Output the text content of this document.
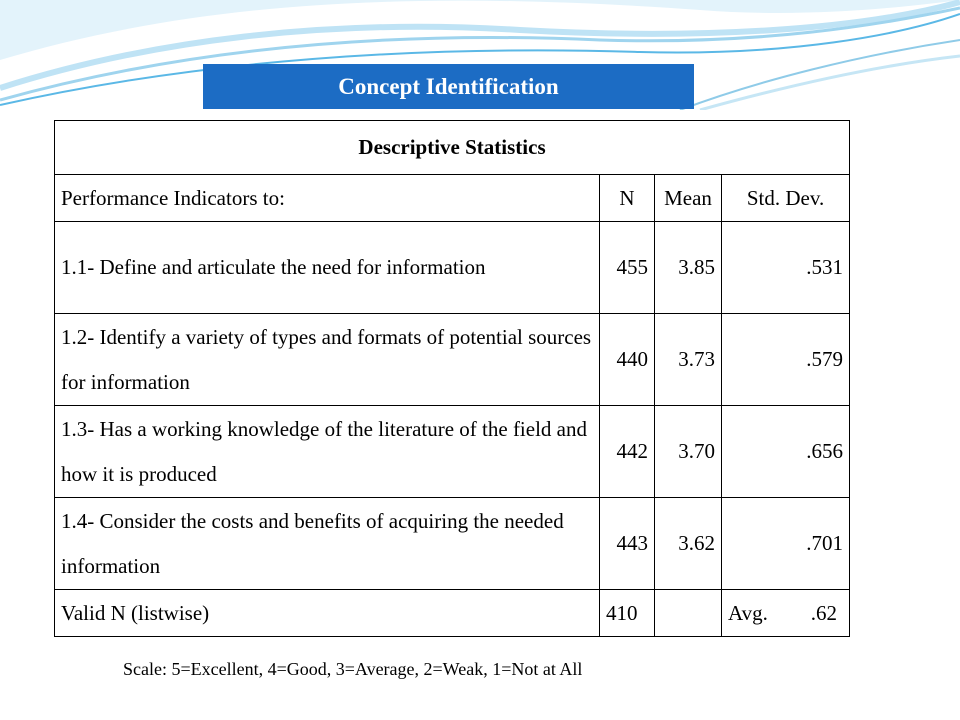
Concept Identification
Descriptive Statistics			
Performance Indicators to:	N	Mean	Std. Dev.
1.1- Define and articulate the need for information	455	3.85	.531
1.2- Identify a variety of types and formats of potential sources for information	440	3.73	.579
1.3- Has a working knowledge of the literature of the field and how it is produced	442	3.70	.656
1.4- Consider the costs and benefits of acquiring the needed information	443	3.62	.701
Valid N (listwise)	410		Avg. .62
Scale: 5=Excellent, 4=Good, 3=Average, 2=Weak, 1=Not at All
